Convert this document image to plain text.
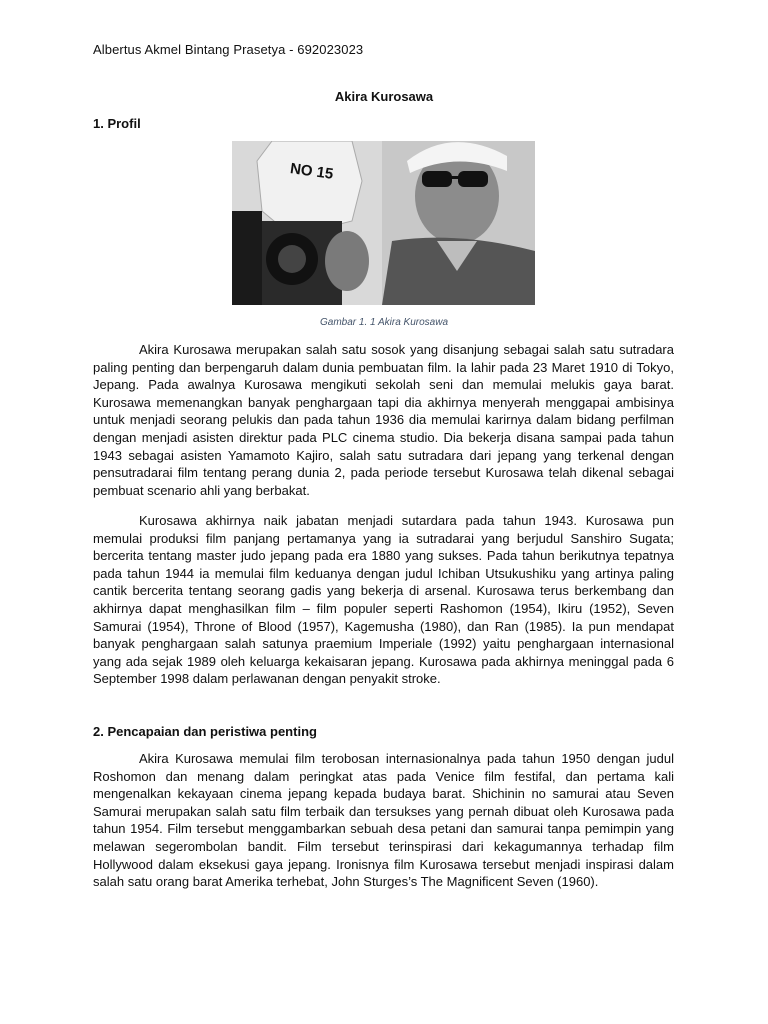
Albertus Akmel Bintang Prasetya - 692023023
Akira Kurosawa
1. Profil
NO 15
Gambar 1. 1 Akira Kurosawa

Akira Kurosawa merupakan salah satu sosok yang disanjung sebagai salah satu sutradara paling penting dan berpengaruh dalam dunia pembuatan film. Ia lahir pada 23 Maret 1910 di Tokyo, Jepang. Pada awalnya Kurosawa mengikuti sekolah seni dan memulai melukis gaya barat. Kurosawa memenangkan banyak penghargaan tapi dia akhirnya menyerah menggapai ambisinya untuk menjadi seorang pelukis dan pada tahun 1936 dia memulai karirnya dalam bidang perfilman dengan menjadi asisten direktur pada PLC cinema studio. Dia bekerja disana sampai pada tahun 1943 sebagai asisten Yamamoto Kajiro, salah satu sutradara dari jepang yang terkenal dengan pensutradarai film tentang perang dunia 2, pada periode tersebut Kurosawa telah dikenal sebagai pembuat scenario ahli yang berbakat.

Kurosawa akhirnya naik jabatan menjadi sutardara pada tahun 1943. Kurosawa pun memulai produksi film panjang pertamanya yang ia sutradarai yang berjudul Sanshiro Sugata; bercerita tentang master judo jepang pada era 1880 yang sukses. Pada tahun berikutnya tepatnya pada tahun 1944 ia memulai film keduanya dengan judul Ichiban Utsukushiku yang artinya paling cantik bercerita tentang seorang gadis yang bekerja di arsenal. Kurosawa terus berkembang dan akhirnya dapat menghasilkan film – film populer seperti Rashomon (1954), Ikiru (1952), Seven Samurai (1954), Throne of Blood (1957), Kagemusha (1980), dan Ran (1985). Ia pun mendapat banyak penghargaan salah satunya praemium Imperiale (1992) yaitu penghargaan internasional yang ada sejak 1989 oleh keluarga kekaisaran jepang. Kurosawa pada akhirnya meninggal pada 6 September 1998 dalam perlawanan dengan penyakit stroke.

2. Pencapaian dan peristiwa penting

Akira Kurosawa memulai film terobosan internasionalnya pada tahun 1950 dengan judul Roshomon dan menang dalam peringkat atas pada Venice film festifal, dan pertama kali mengenalkan kekayaan cinema jepang kepada budaya barat. Shichinin no samurai atau Seven Samurai merupakan salah satu film terbaik dan tersukses yang pernah dibuat oleh Kurosawa pada tahun 1954. Film tersebut menggambarkan sebuah desa petani dan samurai tanpa pemimpin yang melawan segerombolan bandit. Film tersebut terinspirasi dari kekagumannya terhadap film Hollywood dalam eksekusi gaya jepang. Ironisnya film Kurosawa tersebut menjadi inspirasi dalam salah satu orang barat Amerika terhebat, John Sturges’s The Magnificent Seven (1960).
